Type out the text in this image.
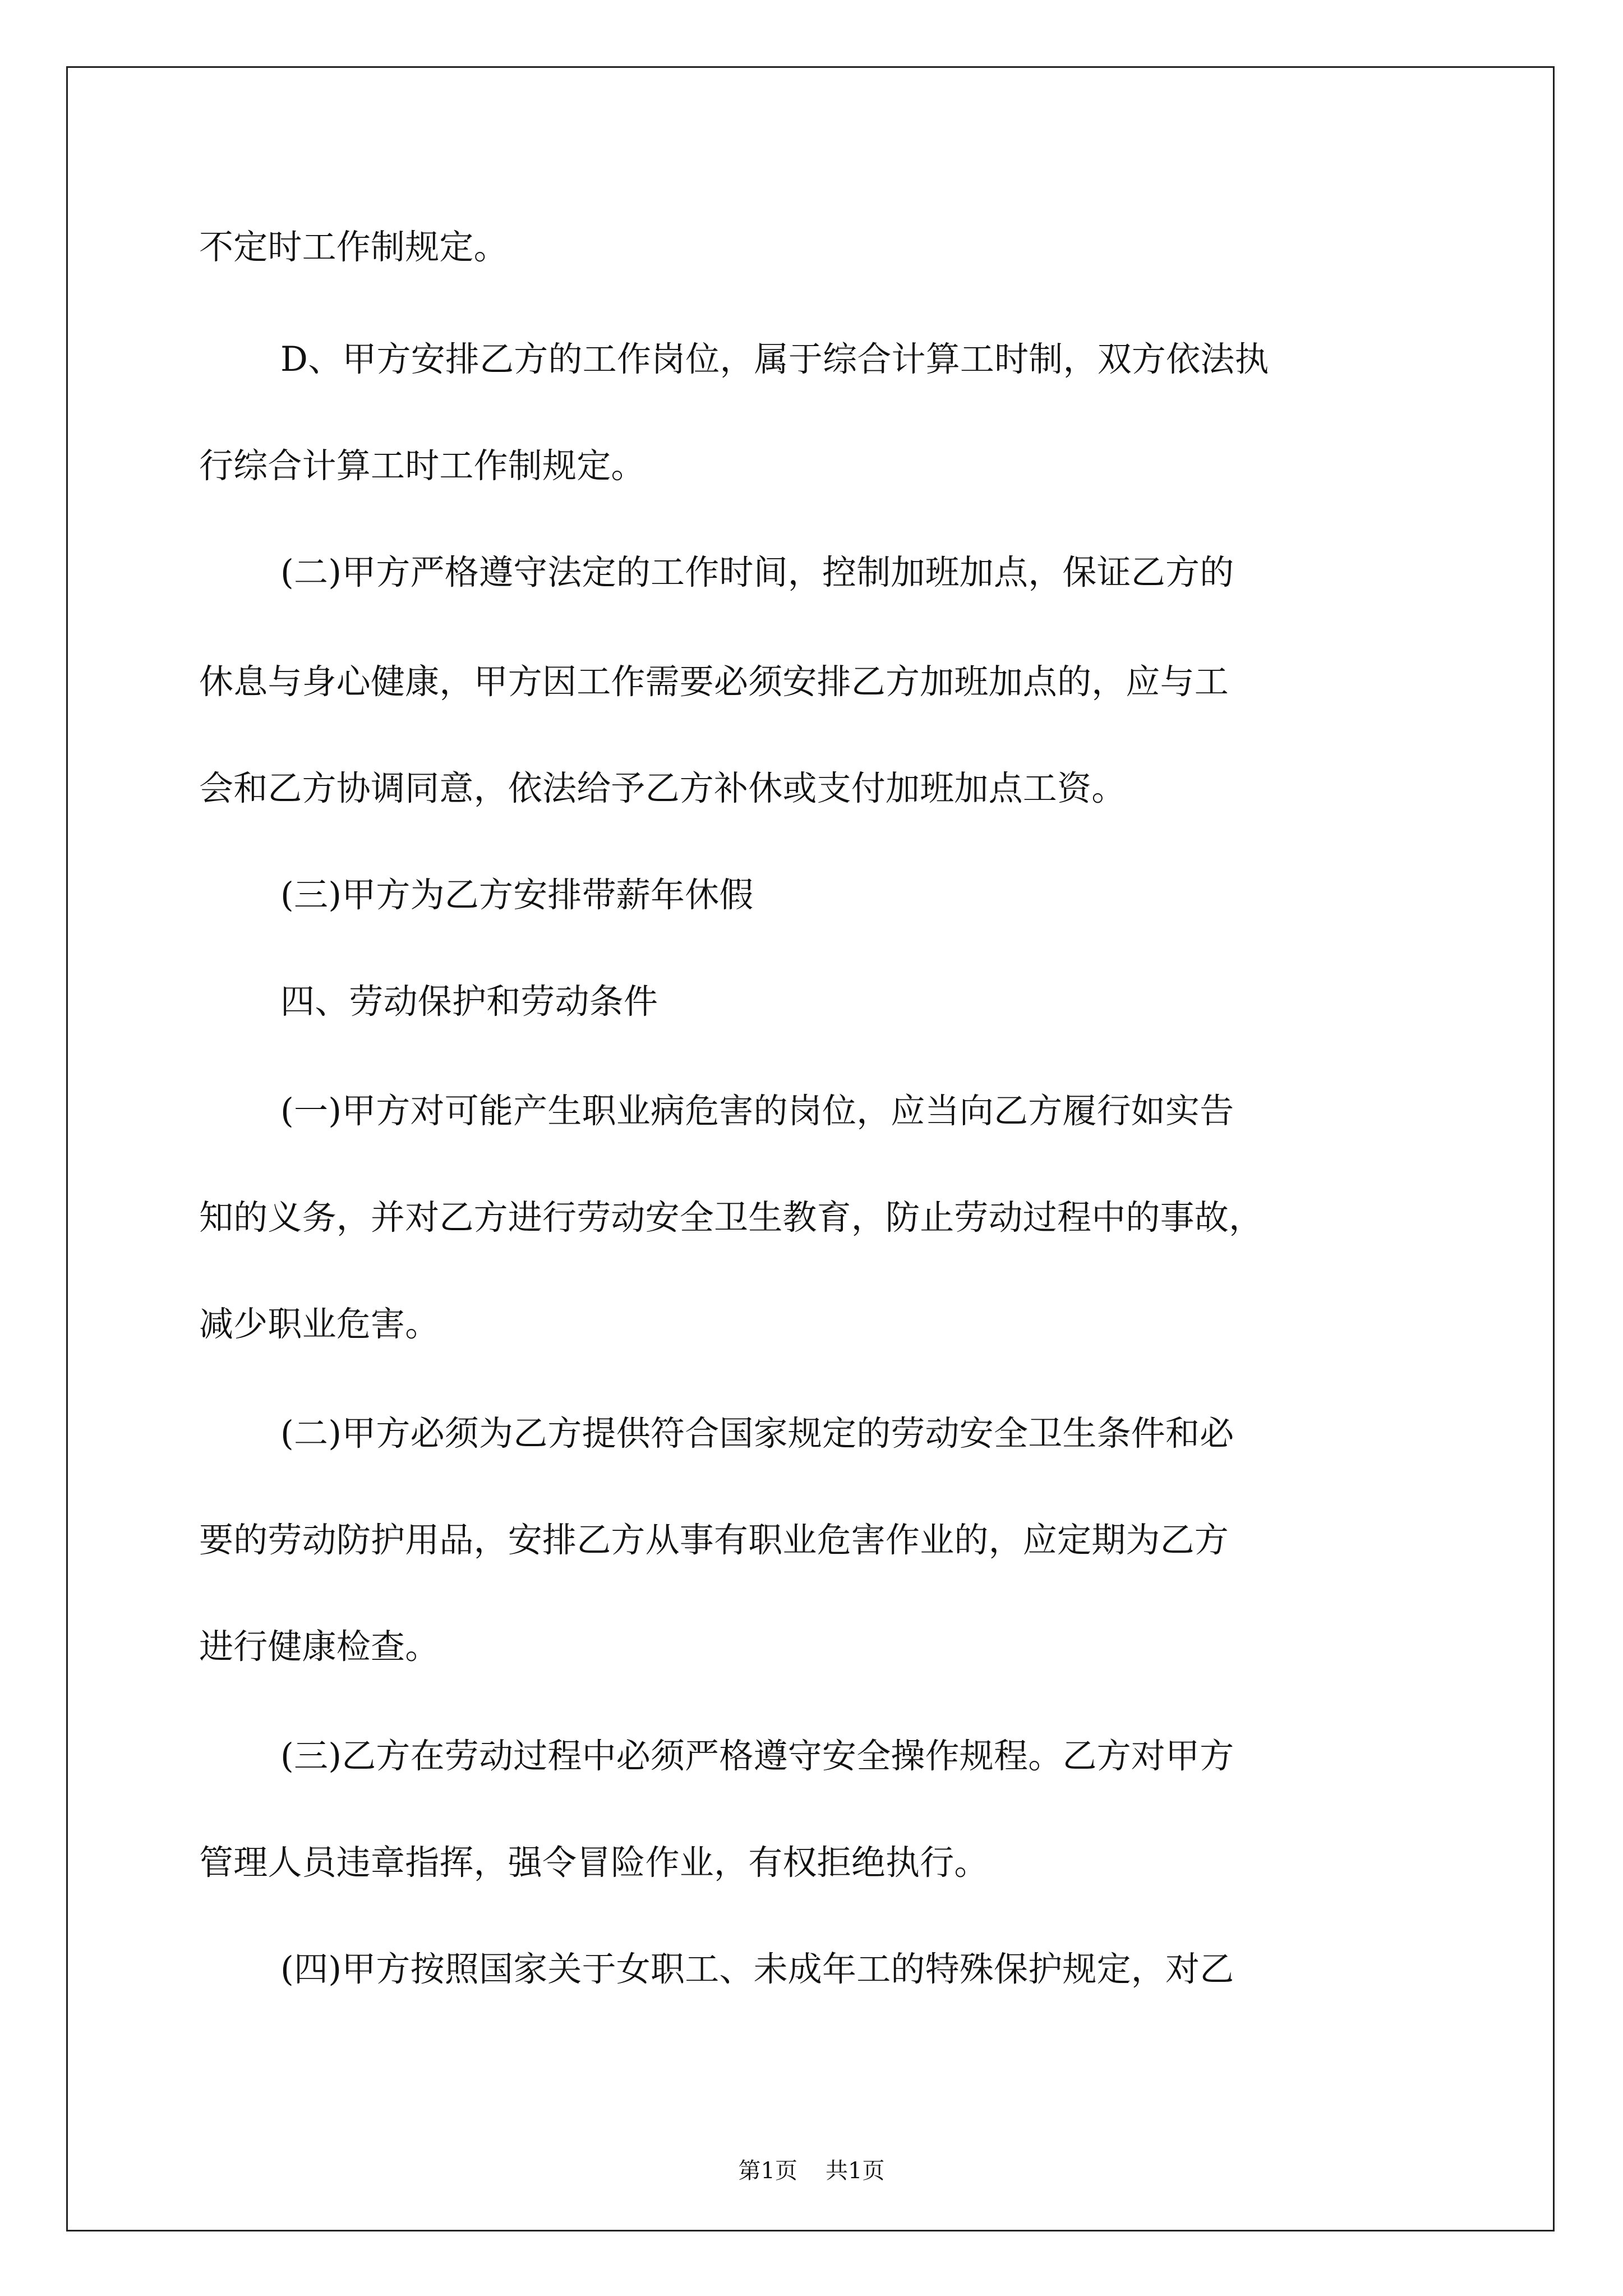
不定时工作制规定。
D、甲方安排乙方的工作岗位，属于综合计算工时制，双方依法执
行综合计算工时工作制规定。
(二)甲方严格遵守法定的工作时间，控制加班加点，保证乙方的
休息与身心健康，甲方因工作需要必须安排乙方加班加点的，应与工
会和乙方协调同意，依法给予乙方补休或支付加班加点工资。
(三)甲方为乙方安排带薪年休假
四、劳动保护和劳动条件
(一)甲方对可能产生职业病危害的岗位，应当向乙方履行如实告
知的义务，并对乙方进行劳动安全卫生教育，防止劳动过程中的事故，
减少职业危害。
(二)甲方必须为乙方提供符合国家规定的劳动安全卫生条件和必
要的劳动防护用品，安排乙方从事有职业危害作业的，应定期为乙方
进行健康检查。
(三)乙方在劳动过程中必须严格遵守安全操作规程。乙方对甲方
管理人员违章指挥，强令冒险作业，有权拒绝执行。
(四)甲方按照国家关于女职工、未成年工的特殊保护规定，对乙
第1页 共1页
